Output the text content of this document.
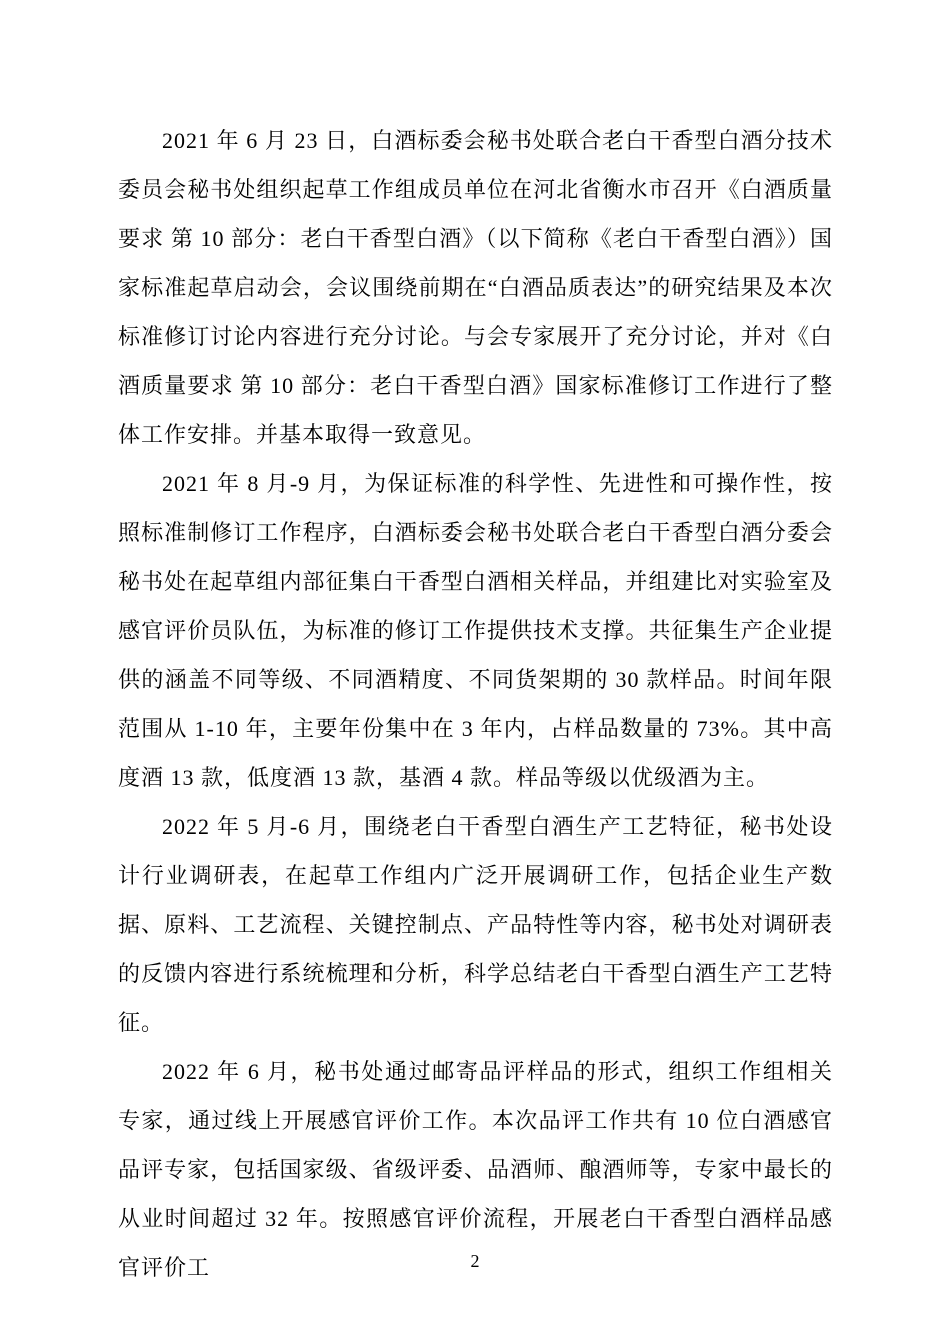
2021 年 6 月 23 日，白酒标委会秘书处联合老白干香型白酒分技术委员会秘书处组织起草工作组成员单位在河北省衡水市召开《白酒质量要求 第 10 部分：老白干香型白酒》（以下简称《老白干香型白酒》）国家标准起草启动会，会议围绕前期在“白酒品质表达”的研究结果及本次标准修订讨论内容进行充分讨论。与会专家展开了充分讨论，并对《白酒质量要求 第 10 部分：老白干香型白酒》国家标准修订工作进行了整体工作安排。并基本取得一致意见。

2021 年 8 月-9 月，为保证标准的科学性、先进性和可操作性，按照标准制修订工作程序，白酒标委会秘书处联合老白干香型白酒分委会秘书处在起草组内部征集白干香型白酒相关样品，并组建比对实验室及感官评价员队伍，为标准的修订工作提供技术支撑。共征集生产企业提供的涵盖不同等级、不同酒精度、不同货架期的 30 款样品。时间年限范围从 1-10 年，主要年份集中在 3 年内，占样品数量的 73%。其中高度酒 13 款，低度酒 13 款，基酒 4 款。样品等级以优级酒为主。

2022 年 5 月-6 月，围绕老白干香型白酒生产工艺特征，秘书处设计行业调研表，在起草工作组内广泛开展调研工作，包括企业生产数据、原料、工艺流程、关键控制点、产品特性等内容，秘书处对调研表的反馈内容进行系统梳理和分析，科学总结老白干香型白酒生产工艺特征。

2022 年 6 月，秘书处通过邮寄品评样品的形式，组织工作组相关专家，通过线上开展感官评价工作。本次品评工作共有 10 位白酒感官品评专家，包括国家级、省级评委、品酒师、酿酒师等，专家中最长的从业时间超过 32 年。按照感官评价流程，开展老白干香型白酒样品感官评价工	2
